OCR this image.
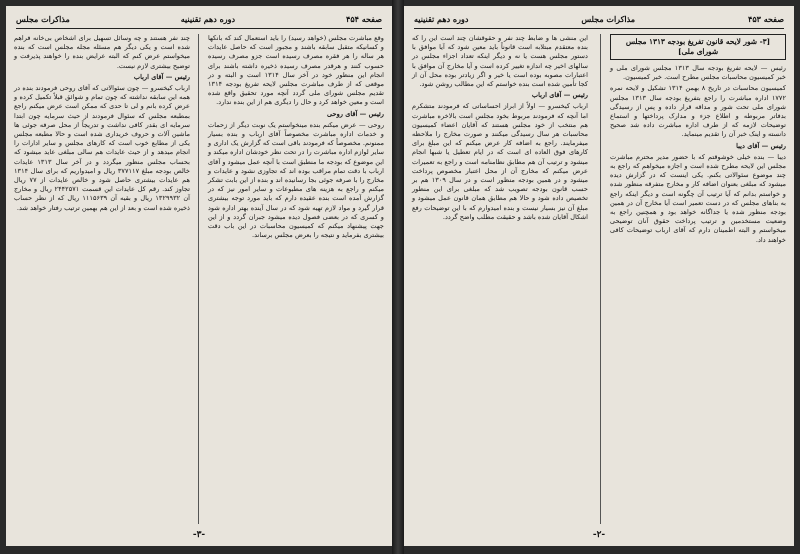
صفحه ۴۵۴
دوره دهم تقنینیه
مذاکرات مجلس

وقع مباشرت مجلس (خواهد رسید) را باید استعمال کند که بانکها و کسانیکه متقبل سابقه باشند و مجبور است که حاصل عایدات هر ساله را هر فقره مصرف رسیده است جزو مصرف رسیده حسوب کنند و هرقدر مصرف رسیده ذخیره داشته باشند برای انجام این منظور خود در آخر سال ۱۳۱۴ است و البته و در موقعی که از طرف مباشرت مجلس لایحه تفریغ بودجه ۱۳۱۴ تقدیم مجلس شورای ملی گردد آنچه مورد تحقیق واقع شده است و معین خواهد کرد و حال را دیگری هم از این بنده ندارد.

رئیس — آقای روحی

روحی — عرض میکنم بنده مینخواستم یک نوبت دیگر از زحمات و خدمات اداره مباشرت مخصوصاً آقای ارباب و بنده بسیار ممنونم. مخصوصاً که فرمودند باقی است که گزارش یک اداری و سایر لوازم اداره مباشرت را در تحت نظر خودشان اداره میکند و این موضوع که بودجه ما منطبق است با آنچه عمل میشود و آقای ارباب با دقت تمام مراقب بوده اند که تجاوزی نشود و عایدات و مخارج را با صرفه جوئی بجا رسانیده اند و بنده از این بابت تشکر میکنم و راجع به هزینه های مطبوعات و سایر امور نیز که در گزارش آمده است بنده عقیده دارم که باید مورد توجه بیشتری قرار گیرد و مواد لازم تهیه شود که در سال آینده بهتر اداره شود و کسری که در بعضی فصول دیده میشود جبران گردد و از این جهت پیشنهاد میکنم که کمیسیون محاسبات در این باب دقت بیشتری بفرماید و نتیجه را بعرض مجلس برساند.

چند نفر هستند و چه وسائل تسهیل برای اشخاص بی‌خانه فراهم شده است و یکی دیگر هم مسئله مجله مجلس است که بنده میخواستم عرض کنم که البته عرایض بنده را خواهند پذیرفت و توضیح بیشتری لازم نیست.

رئیس — آقای ارباب

ارباب کیخسرو — چون سئوالاتی که آقای روحی فرمودند بنده در همه این سابقه نداشته که چون تمام و شوائق قبلاً تکمیل کرده و عرض کرده بانم و لی تا حدی که ممکن است عرض میکنم راجع بمطبعه مجلس که سئوال فرمودند از حیث سرمایه چون ابتدا سرمایه ای بقدر کافی نداشت و تدریجاً از محل صرفه جوئی ها ماشین آلات و حروف خریداری شده است و حالا مطبعه مجلس یکی از مطابع خوب است که کارهای مجلس و سایر ادارات را انجام میدهد و از حیث عایدات هم سالی مبلغی عاید میشود که بحساب مجلس منظور میگردد و در آخر سال ۱۳۱۳ عایدات خالص بودجه مبلغ ۳۷۷۱۱۷ ریال و امیدواریم که برای سال ۱۳۱۴ هم عایدات بیشتری حاصل شود و خالص عایدات از ۷۷ ریال تجاوز کند. رقم کل عایدات این قسمت ۲۴۴۲۵۷۱ ریال و مخارج آن ۱۳۲۹۹۳۲ ریال و بقیه آن ۱۱۱۵۶۳۹ ریال که از نظر حساب ذخیره شده است و بعد از این هم بهمین ترتیب رفتار خواهد شد.

-۳-
صفحه ۴۵۳
مذاکرات مجلس
دوره دهم تقنینیه
[۳- شور لایحه قانون تفریغ بودجه ۱۳۱۳ مجلس شورای ملی]

رئیس — لایحه تفریغ بودجه سال ۱۳۱۳ مجلس شورای ملی و خبر کمیسیون محاسبات مجلس مطرح است. خبر کمیسیون.

کمیسیون محاسبات در تاریخ ۸ بهمن ۱۳۱۴ تشکیل و لایحه نمره ۱۷۷۲ اداره مباشرت را راجع بتفریغ بودجه سال ۱۳۱۳ مجلس شورای ملی تحت شور و مداقه قرار داده و پس از رسیدگی بدفاتر مربوطه و اطلاع جزء و مدارک پرداختها و استماع توضیحات لازمه که از طرف اداره مباشرت داده شد صحیح دانسته و اینک خبر آن را تقدیم مینماید.

رئیس — آقای دیبا

دیبا — بنده خیلی خوشوقتم که با حضور مدیر محترم مباشرت مجلس این لایحه مطرح شده است و اجازه میخواهم که راجع به چند موضوع سئوالاتی بکنم. یکی اینست که در گزارش دیده میشود که مبلغی بعنوان اضافه کار و مخارج متفرقه منظور شده و خواستم بدانم که آیا ترتیب آن چگونه است و دیگر اینکه راجع به بناهای مجلس که در دست تعمیر است آیا مخارج آن در همین بودجه منظور شده یا جداگانه خواهد بود و همچنین راجع به وضعیت مستخدمین و ترتیب پرداخت حقوق آنان توضیحی میخواستم و البته اطمینان دارم که آقای ارباب توضیحات کافی خواهند داد.

این منشی ها و ضابط چند نفر و حقوقشان چند است این را که بنده معتقدم مبتلابه است قانوناً باید معین شود که آیا موافق با دستور مجلس هست یا نه و دیگر اینکه تعداد اجزاء مجلس در سالهای اخیر چه اندازه تغییر کرده است و آیا مخارج آن موافق با اعتبارات مصوبه بوده است یا خیر و اگر زیادتر بوده محل آن از کجا تأمین شده است بنده خواستم که این مطالب روشن شود.

رئیس — آقای ارباب

ارباب کیخسرو — اولاً از ابراز احساساتی که فرمودند متشکرم اما آنچه که فرمودند مربوط بخود مجلس است بالاخره مباشرت هم منتخب از خود مجلس هستند که آقایان اعضاء کمیسیون محاسبات هر سال رسیدگی میکنند و صورت مخارج را ملاحظه میفرمایند. راجع به اضافه کار عرض میکنم که این مبلغ برای کارهای فوق العاده ای است که در ایام تعطیل یا شبها انجام میشود و ترتیب آن هم مطابق نظامنامه است و راجع به تعمیرات عرض میکنم که مخارج آن از محل اعتبار مخصوص پرداخت میشود و در همین بودجه منظور است و در سال ۱۳۰۹ هم بر حسب قانون بودجه تصویب شد که مبلغی برای این منظور تخصیص داده شود و حالا هم مطابق همان قانون عمل میشود و مبلغ آن نیز بسیار نیست و بنده امیدوارم که با این توضیحات رفع اشکال آقایان شده باشد و حقیقت مطلب واضح گردد.

-۲-
